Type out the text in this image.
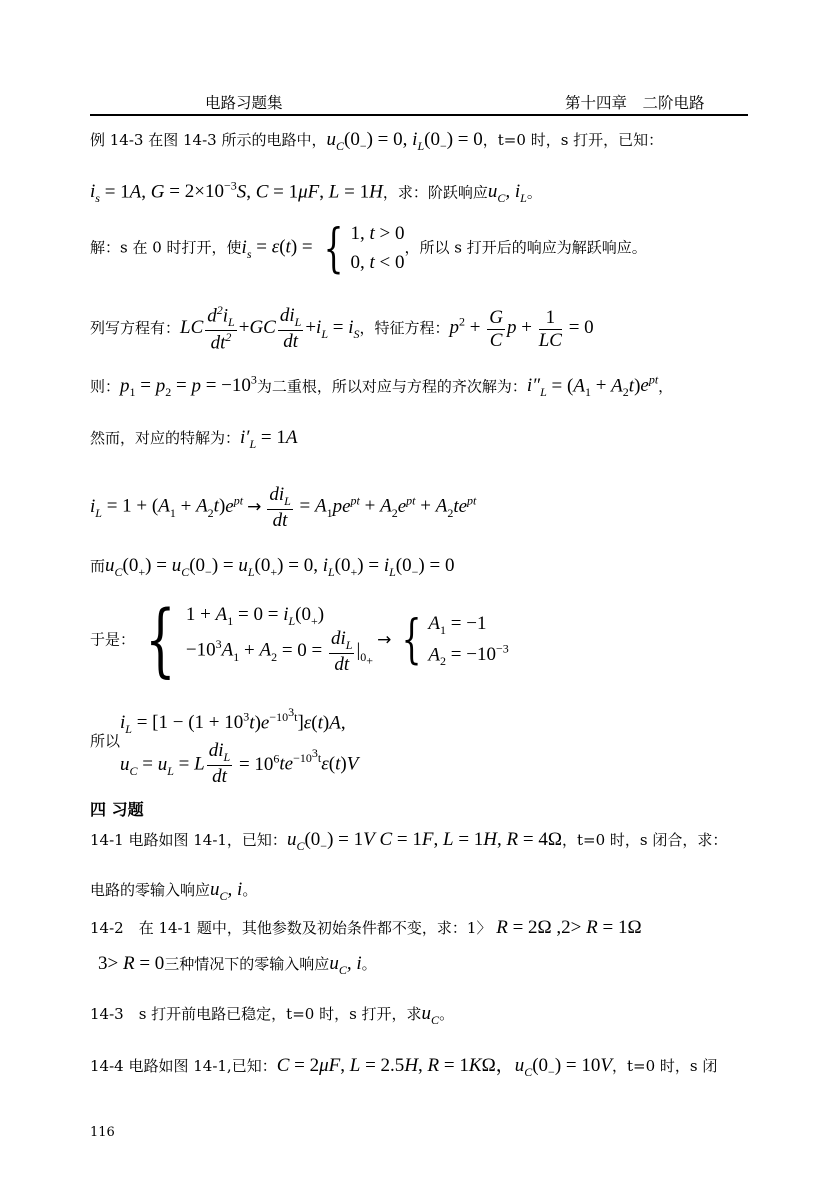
电路习题集	第十四章　二阶电路
例 14-3 在图 14-3 所示的电路中，$u_C(0_-) = 0$, $i_L(0_-) = 0$，t=0 时，s 打开，已知：
$i_s = 1A$, $G = 2\times 10^{-3}S$, C = 1μF, L = 1H，求：阶跃响应$u_C$, $i_L$。
解：s 在 0 时打开，使$i_s = \varepsilon(t)$ = { 1, t > 0
0, t < 0，所以 s 打开后的响应为解跃响应。
列写方程有：LC $\frac{d^2i_L}{dt^2} +GC \frac{di_L}{dt} +i_L = i_S$，特征方程：$p^2 + \frac{G}{C}$ $p + \frac{1}{LC} = 0$
则：$p_1 = p_2 = p = -10^3$为二重根，所以对应与方程的齐次解为：$i''_L = (A_1 + A_2t)e^{pt}$，
然而，对应的特解为：$i'_L = 1A$
$i_L = 1 + (A_1 + A_2t)e^{pt} \to \frac{di_L}{dt} = A_1pe^{pt} + A_2e^{pt} + A_2te^{pt}$
而$u_C(0_+) = u_C(0_-) = u_L(0_+) = 0$, $i_L(0_+) = i_L(0_-) = 0$
于是： { $1 + A_1 = 0 = i_L(0_+)$
$-10^3A_1 + A_2 = 0 = \frac{di_L}{dt} |_{0_+}\to$ { $A_1 = -1$
$A_2 = -10^{-3}$
$i_L = [1 - (1 + 10^3t)e^{-10^3t}]\varepsilon(t)A$,
所以
$u_C = u_L = L \frac{di_L}{dt} = 10^6te^{-10^3t}\varepsilon(t)V$
四 习题
14-1 电路如图 14-1，已知：$u_C(0_-) = 1V$ C = 1F, L = 1H, R = 4Ω，t=0 时，s 闭合，求：
电路的零输入响应$u_C$, i。
14-2　在 14-1 题中，其他参数及初始条件都不变，求：1〉 R = 2Ω ,2> R = 1Ω
3> R = 0三种情况下的零输入响应$u_C$, i。
14-3　s 打开前电路已稳定，t=0 时，s 打开，求$u_C$。
14-4 电路如图 14-1,已知：C = 2μF, L = 2.5H, R = 1KΩ，$u_C(0_-) = 10V$，t=0 时，s 闭
116
